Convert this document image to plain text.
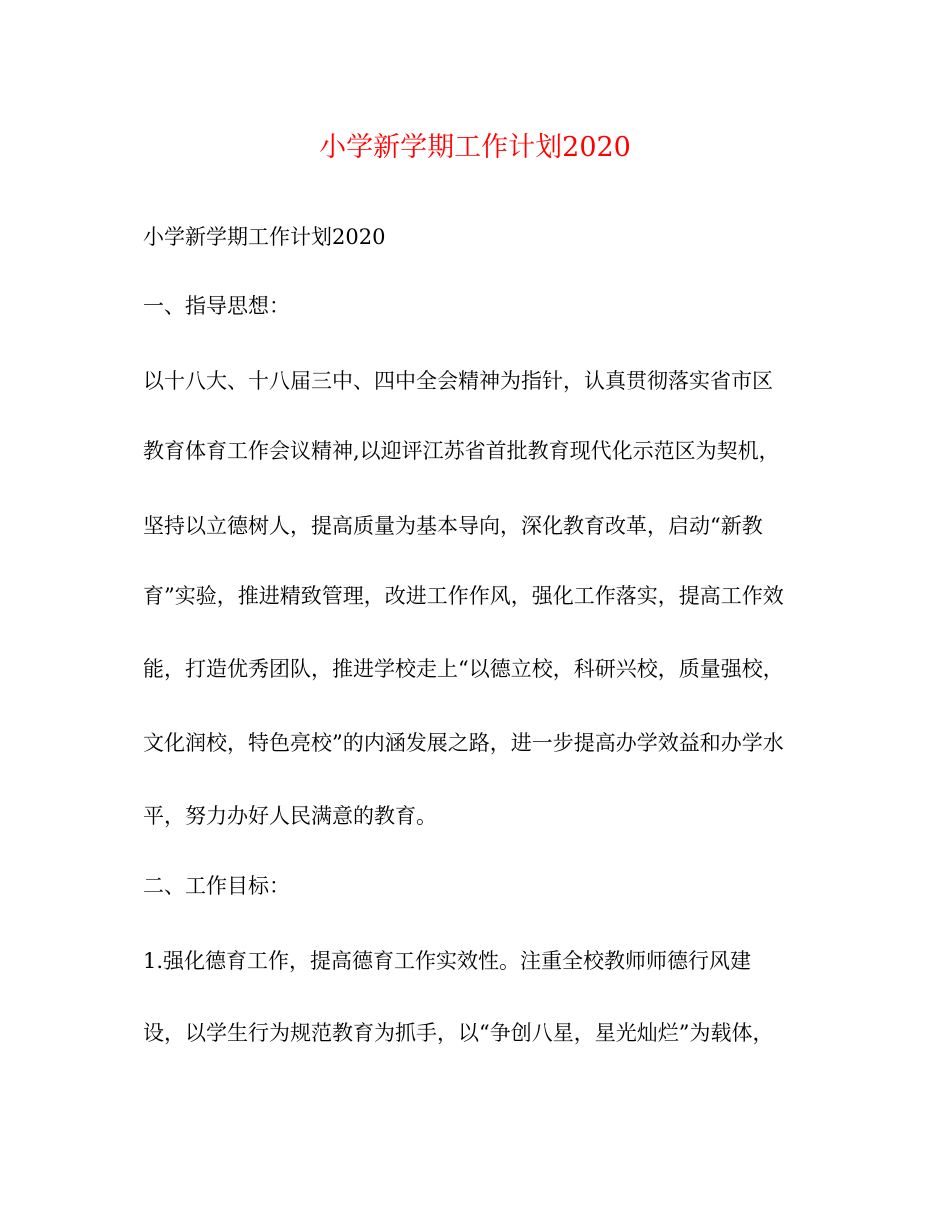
小学新学期工作计划2020

小学新学期工作计划2020

一、指导思想：

以十八大、十八届三中、四中全会精神为指针，认真贯彻落实省市区

教育体育工作会议精神,以迎评江苏省首批教育现代化示范区为契机，

坚持以立德树人，提高质量为基本导向，深化教育改革，启动“新教

育”实验，推进精致管理，改进工作作风，强化工作落实，提高工作效

能，打造优秀团队，推进学校走上“以德立校，科研兴校，质量强校，

文化润校，特色亮校”的内涵发展之路，进一步提高办学效益和办学水

平，努力办好人民满意的教育。

二、工作目标：

1.强化德育工作，提高德育工作实效性。注重全校教师师德行风建

设，以学生行为规范教育为抓手，以“争创八星，星光灿烂”为载体，
